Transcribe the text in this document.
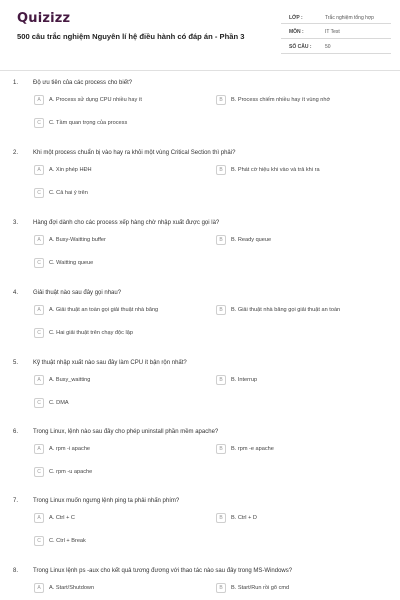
Quizizz
500 câu trắc nghiệm Nguyên lí hệ điều hành có đáp án - Phần 3
LỚP :	Trắc nghiệm tổng hợp
MÔN :	IT Test
SỐ CÂU :	50
1. Độ ưu tiên của các process cho biết?
A	A. Process sử dụng CPU nhiều hay ít	B	B. Process chiếm nhiều hay ít vùng nhớ
C	C. Tầm quan trọng của process
2. Khi một process chuẩn bị vào hay ra khỏi một vùng Critical Section thì phải?
A	A. Xin phép HĐH	B	B. Phát cờ hiệu khi vào và trả khi ra
C	C. Cả hai ý trên
3. Hàng đợi dành cho các process xếp hàng chờ nhập xuất được gọi là?
A	A. Busy-Waitting buffer	B	B. Ready queue
C	C. Waitting queue
4. Giải thuật nào sau đây gọi nhau?
A	A. Giải thuật an toàn gọi giải thuật nhà băng	B	B. Giải thuật nhà băng gọi giải thuật an toàn
C	C. Hai giải thuật trên chạy độc lập
5. Kỹ thuật nhập xuất nào sau đây làm CPU ít bận rộn nhất?
A	A. Busy_waitting	B	B. Interrup
C	C. DMA
6. Trong Linux, lệnh nào sau đây cho phép uninstall phần mềm apache?
A	A. rpm -i apache	B	B. rpm -e apache
C	C. rpm -u apache
7. Trong Linux muốn ngưng lệnh ping ta phải nhấn phím?
A	A. Ctrl + C	B	B. Ctrl + D
C	C. Ctrl + Break
8. Trong Linux lệnh ps -aux cho kết quả tương đương với thao tác nào sau đây trong MS-Windows?
A	A. Start/Shutdown	B	B. Start/Run rồi gõ cmd
